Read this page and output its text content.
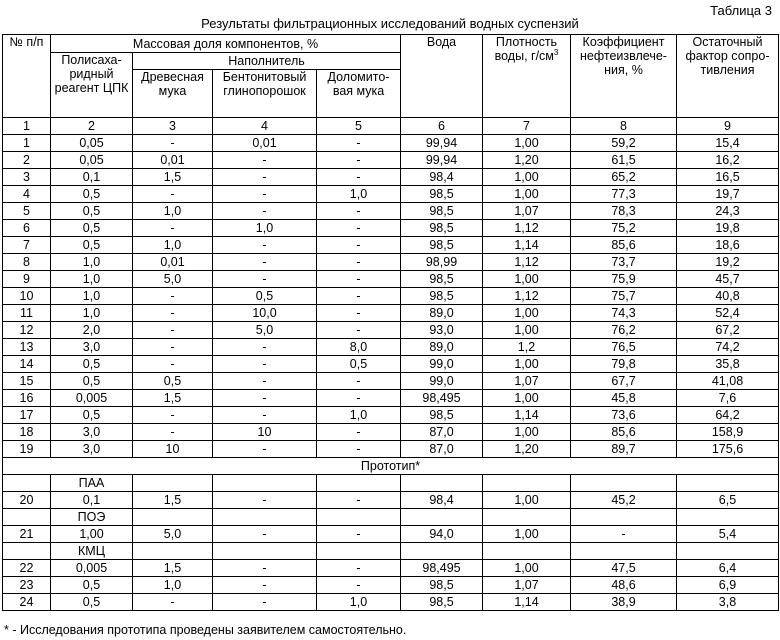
Таблица 3
Результаты фильтрационных исследований водных суспензий
№ п/п	Массовая доля компонентов, %				Вода	Плотность воды, $г/см^3$	Коэффициент нефтеизвлече-ния, %	Остаточный фактор сопро-тивления
	Полисаха-ридный реагент ЦПК	Наполнитель						
		Древесная мука	Бентонитовый глинопорошок	Доломито-вая мука				
1	2	3	4	5	6	7	8	9
1	0,05	-	0,01	-	99,94	1,00	59,2	15,4
2	0,05	0,01	-	-	99,94	1,20	61,5	16,2
3	0,1	1,5	-	-	98,4	1,00	65,2	16,5
4	0,5	-	-	1,0	98,5	1,00	77,3	19,7
5	0,5	1,0	-	-	98,5	1,07	78,3	24,3
6	0,5	-	1,0	-	98,5	1,12	75,2	19,8
7	0,5	1,0	-	-	98,5	1,14	85,6	18,6
8	1,0	0,01	-	-	98,99	1,12	73,7	19,2
9	1,0	5,0	-	-	98,5	1,00	75,9	45,7
10	1,0	-	0,5	-	98,5	1,12	75,7	40,8
11	1,0	-	10,0	-	89,0	1,00	74,3	52,4
12	2,0	-	5,0	-	93,0	1,00	76,2	67,2
13	3,0	-	-	8,0	89,0	1,2	76,5	74,2
14	0,5	-	-	0,5	99,0	1,00	79,8	35,8
15	0,5	0,5	-	-	99,0	1,07	67,7	41,08
16	0,005	1,5	-	-	98,495	1,00	45,8	7,6
17	0,5	-	-	1,0	98,5	1,14	73,6	64,2
18	3,0	-	10	-	87,0	1,00	85,6	158,9
19	3,0	10	-	-	87,0	1,20	89,7	175,6
Прототип*								
	ПАА							
20	0,1	1,5	-	-	98,4	1,00	45,2	6,5
	ПОЭ							
21	1,00	5,0	-	-	94,0	1,00	-	5,4
	КМЦ							
22	0,005	1,5	-	-	98,495	1,00	47,5	6,4
23	0,5	1,0	-	-	98,5	1,07	48,6	6,9
24	0,5	-	-	1,0	98,5	1,14	38,9	3,8
* - Исследования прототипа проведены заявителем самостоятельно.
